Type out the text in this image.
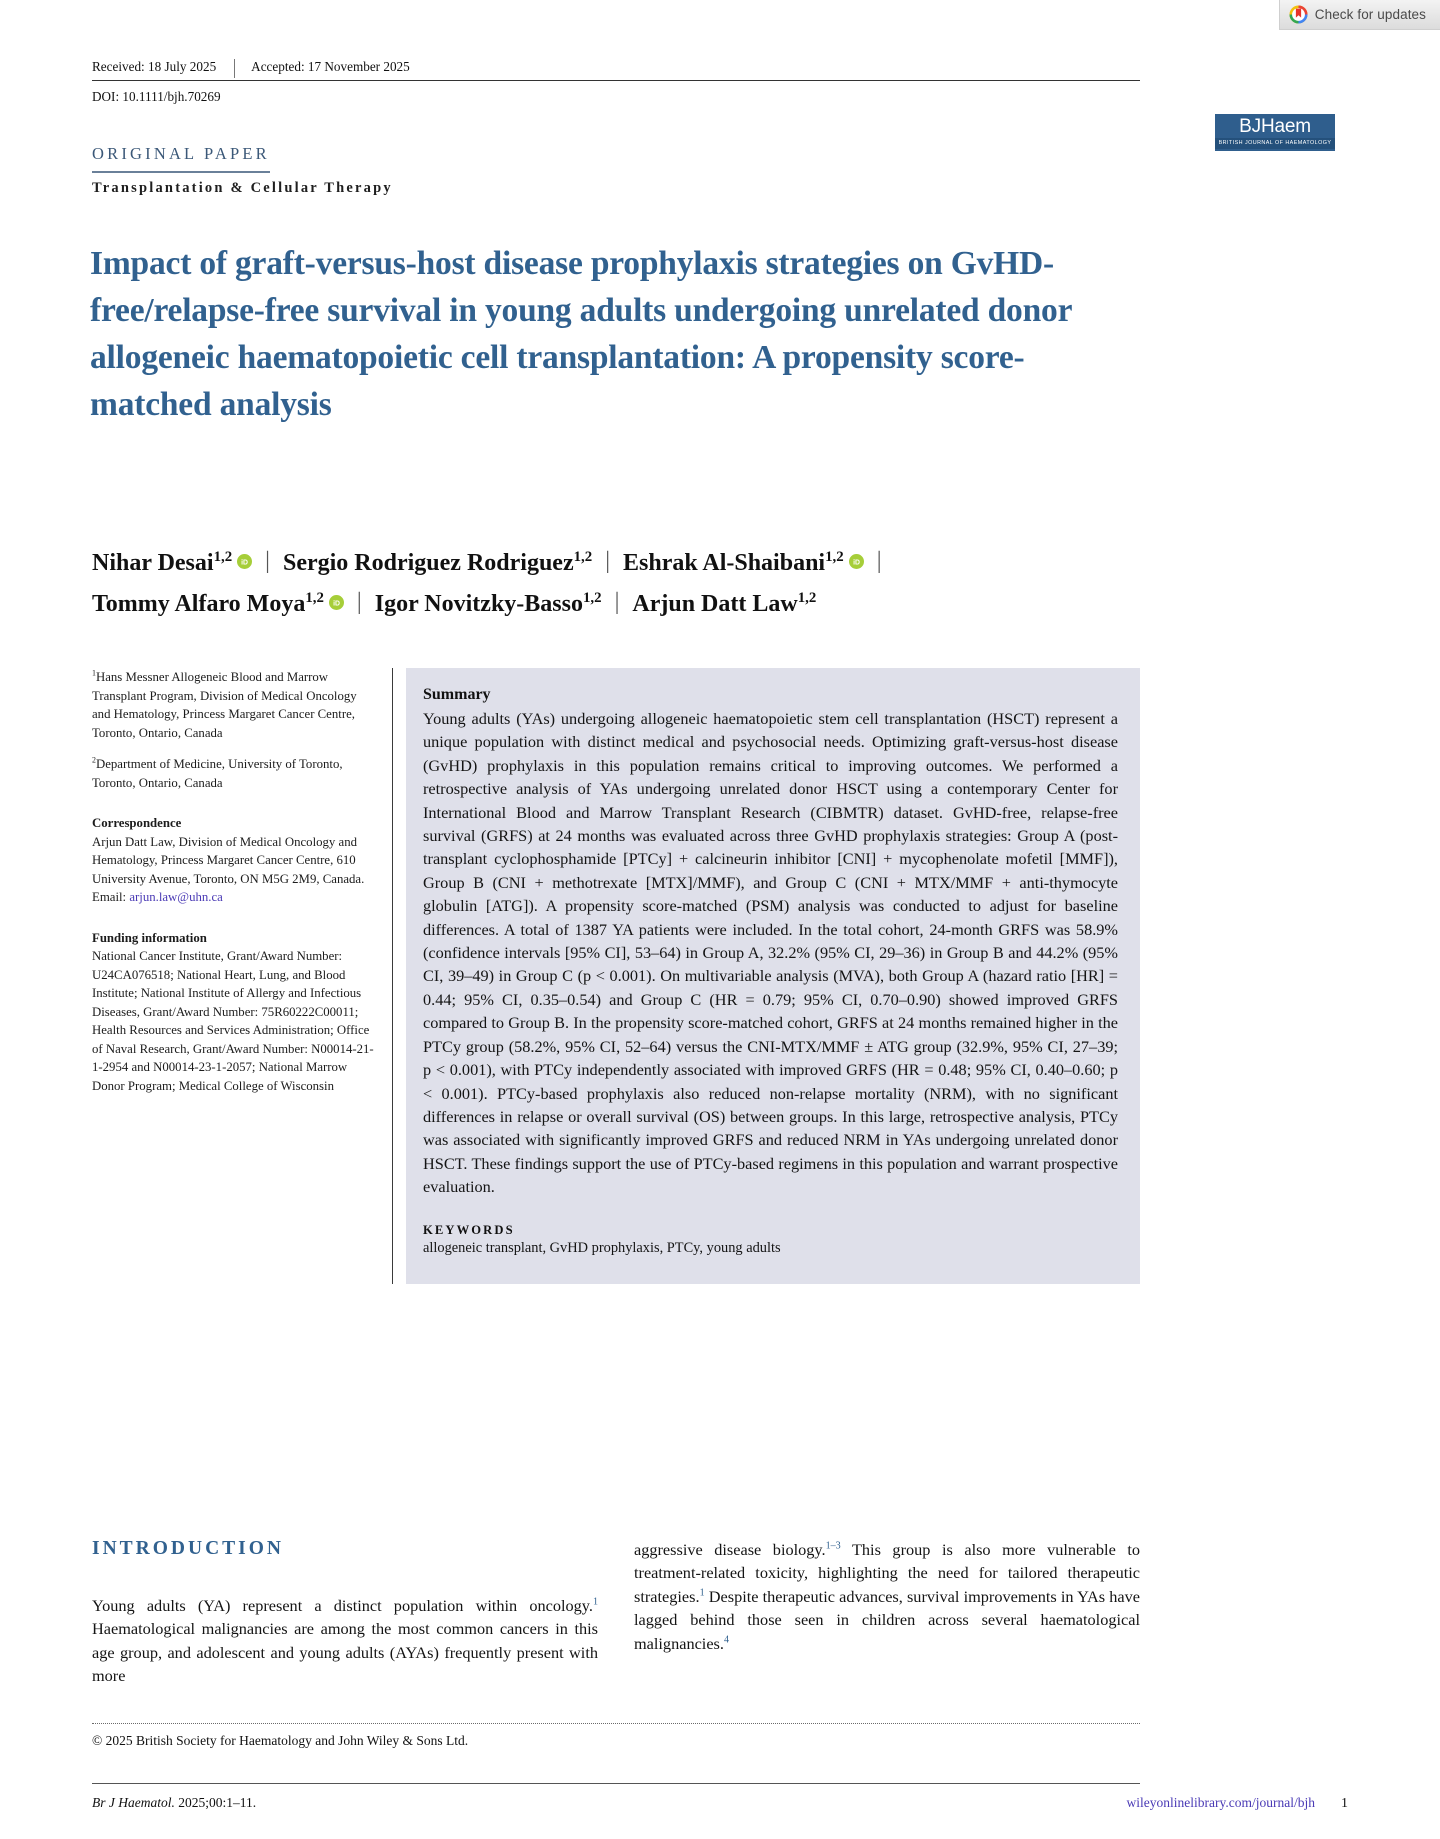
Check for updates
Received: 18 July 2025	Accepted: 17 November 2025
DOI: 10.1111/bjh.70269
BJHaem
BRITISH JOURNAL OF HAEMATOLOGY
ORIGINAL PAPER
Transplantation & Cellular Therapy
Impact of graft-versus-host disease prophylaxis strategies on GvHD-free/relapse-free survival in young adults undergoing unrelated donor allogeneic haematopoietic cell transplantation: A propensity score-matched analysis
Nihar Desai$^{1,2}$ iD | Sergio Rodriguez Rodriguez$^{1,2}$ | Eshrak Al-Shaibani$^{1,2}$ iD |Tommy Alfaro Moya$^{1,2}$ iD | Igor Novitzky-Basso$^{1,2}$ | Arjun Datt Law$^{1,2}$

$^1$Hans Messner Allogeneic Blood and Marrow Transplant Program, Division of Medical Oncology and Hematology, Princess Margaret Cancer Centre, Toronto, Ontario, Canada

$^2$Department of Medicine, University of Toronto, Toronto, Ontario, Canada

Correspondence

Arjun Datt Law, Division of Medical Oncology and Hematology, Princess Margaret Cancer Centre, 610 University Avenue, Toronto, ON M5G 2M9, Canada.
Email: arjun.law@uhn.ca

Funding information

National Cancer Institute, Grant/Award Number: U24CA076518; National Heart, Lung, and Blood Institute; National Institute of Allergy and Infectious Diseases, Grant/Award Number: 75R60222C00011; Health Resources and Services Administration; Office of Naval Research, Grant/Award Number: N00014-21-1-2954 and N00014-23-1-2057; National Marrow Donor Program; Medical College of Wisconsin

Summary

Young adults (YAs) undergoing allogeneic haematopoietic stem cell transplantation (HSCT) represent a unique population with distinct medical and psychosocial needs. Optimizing graft-versus-host disease (GvHD) prophylaxis in this population remains critical to improving outcomes. We performed a retrospective analysis of YAs undergoing unrelated donor HSCT using a contemporary Center for International Blood and Marrow Transplant Research (CIBMTR) dataset. GvHD-free, relapse-free survival (GRFS) at 24 months was evaluated across three GvHD prophylaxis strategies: Group A (post-transplant cyclophosphamide [PTCy] + calcineurin inhibitor [CNI] + mycophenolate mofetil [MMF]), Group B (CNI + methotrexate [MTX]/MMF), and Group C (CNI + MTX/MMF + anti-thymocyte globulin [ATG]). A propensity score-matched (PSM) analysis was conducted to adjust for baseline differences. A total of 1387 YA patients were included. In the total cohort, 24-month GRFS was 58.9% (confidence intervals [95% CI], 53–64) in Group A, 32.2% (95% CI, 29–36) in Group B and 44.2% (95% CI, 39–49) in Group C (p < 0.001). On multivariable analysis (MVA), both Group A (hazard ratio [HR] = 0.44; 95% CI, 0.35–0.54) and Group C (HR = 0.79; 95% CI, 0.70–0.90) showed improved GRFS compared to Group B. In the propensity score-matched cohort, GRFS at 24 months remained higher in the PTCy group (58.2%, 95% CI, 52–64) versus the CNI-MTX/MMF ± ATG group (32.9%, 95% CI, 27–39; p < 0.001), with PTCy independently associated with improved GRFS (HR = 0.48; 95% CI, 0.40–0.60; p < 0.001). PTCy-based prophylaxis also reduced non-relapse mortality (NRM), with no significant differences in relapse or overall survival (OS) between groups. In this large, retrospective analysis, PTCy was associated with significantly improved GRFS and reduced NRM in YAs undergoing unrelated donor HSCT. These findings support the use of PTCy-based regimens in this population and warrant prospective evaluation.

KEYWORDS

allogeneic transplant, GvHD prophylaxis, PTCy, young adults

INTRODUCTION

Young adults (YA) represent a distinct population within oncology.$^1$ Haematological malignancies are among the most common cancers in this age group, and adolescent and young adults (AYAs) frequently present with more

aggressive disease biology.$^{1-3}$ This group is also more vulnerable to treatment-related toxicity, highlighting the need for tailored therapeutic strategies.$^1$ Despite therapeutic advances, survival improvements in YAs have lagged behind those seen in children across several haematological malignancies.$^4$

© 2025 British Society for Haematology and John Wiley & Sons Ltd.
Br J Haematol. 2025;00:1–11.	wileyonlinelibrary.com/journal/bjh 1
